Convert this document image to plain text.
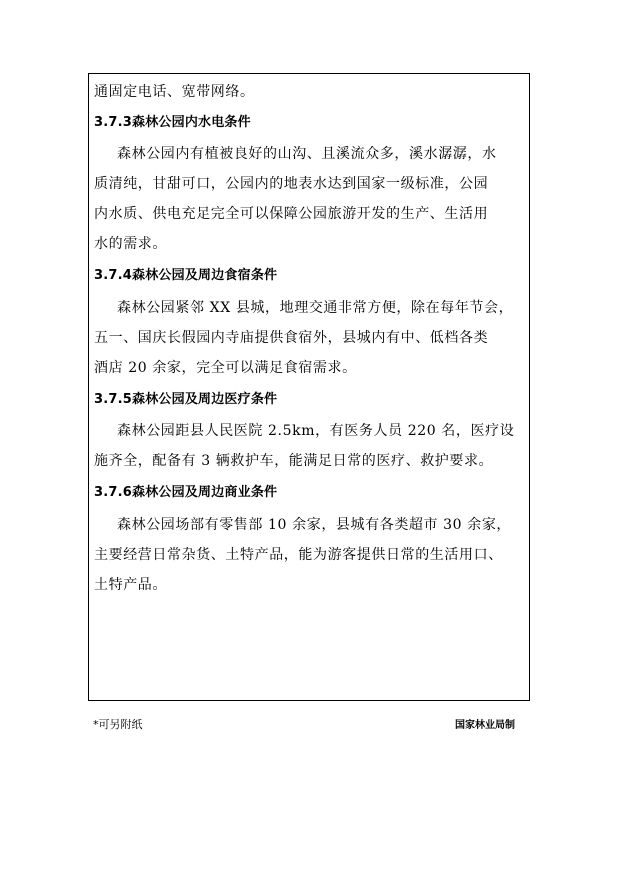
通固定电话、宽带网络。
3.7.3森林公园内水电条件
森林公园内有植被良好的山沟、且溪流众多，溪水潺潺，水
质清纯，甘甜可口，公园内的地表水达到国家一级标准，公园
内水质、供电充足完全可以保障公园旅游开发的生产、生活用
水的需求。
3.7.4森林公园及周边食宿条件
森林公园紧邻 XX 县城，地理交通非常方便，除在每年节会，
五一、国庆长假园内寺庙提供食宿外，县城内有中、低档各类
酒店 20 余家，完全可以满足食宿需求。
3.7.5森林公园及周边医疗条件
森林公园距县人民医院 2.5km，有医务人员 220 名，医疗设
施齐全，配备有 3 辆救护车，能满足日常的医疗、救护要求。
3.7.6森林公园及周边商业条件
森林公园场部有零售部 10 余家，县城有各类超市 30 余家，
主要经营日常杂货、土特产品，能为游客提供日常的生活用口、
土特产品。
*可另附纸	国家林业局制
